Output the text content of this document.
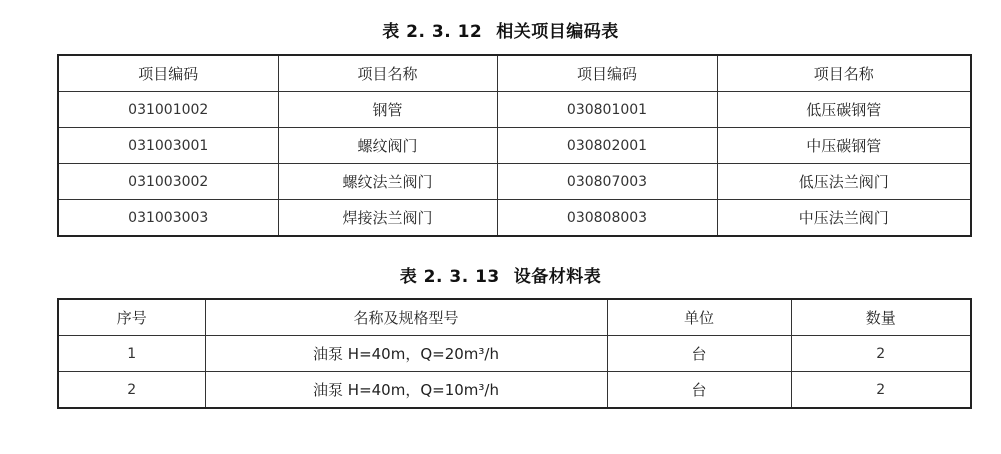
表 2. 3. 12 相关项目编码表
项目编码	项目名称	项目编码	项目名称
031001002	钢管	030801001	低压碳钢管
031003001	螺纹阀门	030802001	中压碳钢管
031003002	螺纹法兰阀门	030807003	低压法兰阀门
031003003	焊接法兰阀门	030808003	中压法兰阀门
表 2. 3. 13 设备材料表
序号	名称及规格型号	单位	数量
1	油泵 H=40m，Q=20m³/h	台	2
2	油泵 H=40m，Q=10m³/h	台	2
